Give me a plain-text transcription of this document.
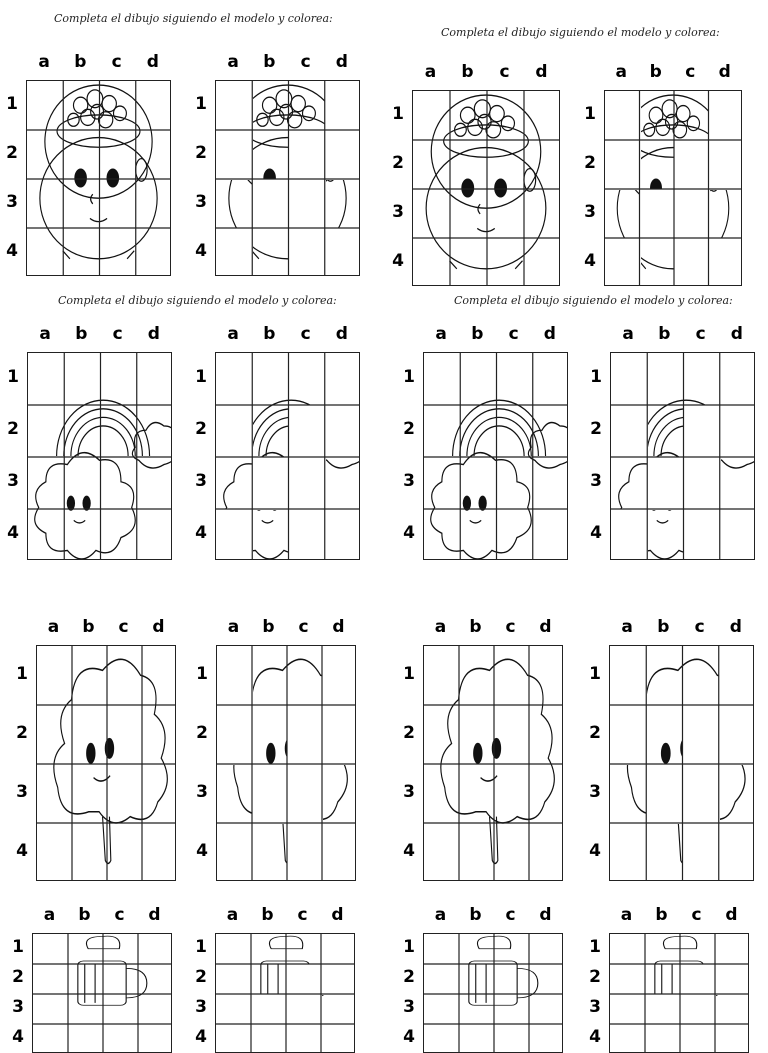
Completa el dibujo siguiendo el modelo y colorea:
Completa el dibujo siguiendo el modelo y colorea:
Completa el dibujo siguiendo el modelo y colorea:	Completa el dibujo siguiendo el modelo y colorea:
a b c d
1
2
3
4
a b c d
1
2
3
4
a b c d
1
2
3
4
a b c d
1
2
3
4
a b c d
1
2
3
4
a b c d
1
2
3
4
a b c d
1
2
3
4
a b c d
1
2
3
4
a b c d
1
2
3
4
a b c d
1
2
3
4
a b c d
1
2
3
4
a b c d
1
2
3
4
a b c d
1
2
3
4
a b c d
1
2
3
4
a b c d
1
2
3
4
a b c d
1
2
3
4
